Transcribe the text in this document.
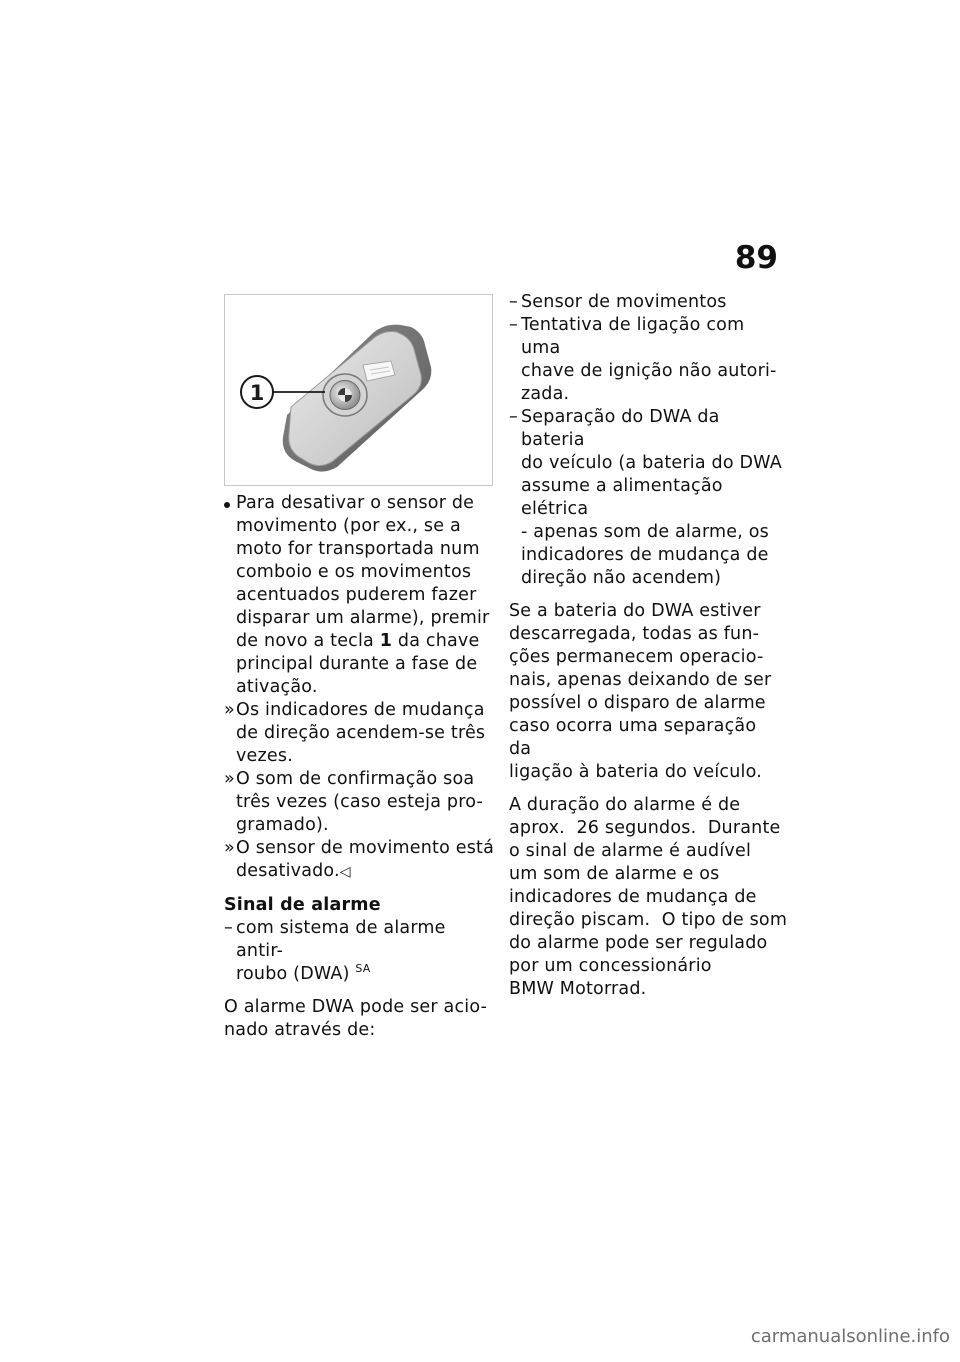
89
1
Para desativar o sensor de
movimento (por ex., se a
moto for transportada num
comboio e os movimentos
acentuados puderem fazer
disparar um alarme), premir
de novo a tecla 1 da chave
principal durante a fase de
ativação.
» Os indicadores de mudança
de direção acendem-se três
vezes.
» O som de confirmação soa
três vezes (caso esteja pro-
gramado).
» O sensor de movimento está
desativado.◁
Sinal de alarme
– com sistema de alarme antir-
roubo (DWA) $^{SA}$

O alarme DWA pode ser acio-
nado através de:

– Sensor de movimentos
– Tentativa de ligação com uma
chave de ignição não autori-
zada.
– Separação do DWA da bateria
do veículo (a bateria do DWA
assume a alimentação elétrica
- apenas som de alarme, os
indicadores de mudança de
direção não acendem)

Se a bateria do DWA estiver
descarregada, todas as fun-
ções permanecem operacio-
nais, apenas deixando de ser
possível o disparo de alarme
caso ocorra uma separação da
ligação à bateria do veículo.

A duração do alarme é de
aprox.  26 segundos.  Durante
o sinal de alarme é audível
um som de alarme e os
indicadores de mudança de
direção piscam.  O tipo de som
do alarme pode ser regulado
por um concessionário
BMW Motorrad.

carmanualsonline.info
